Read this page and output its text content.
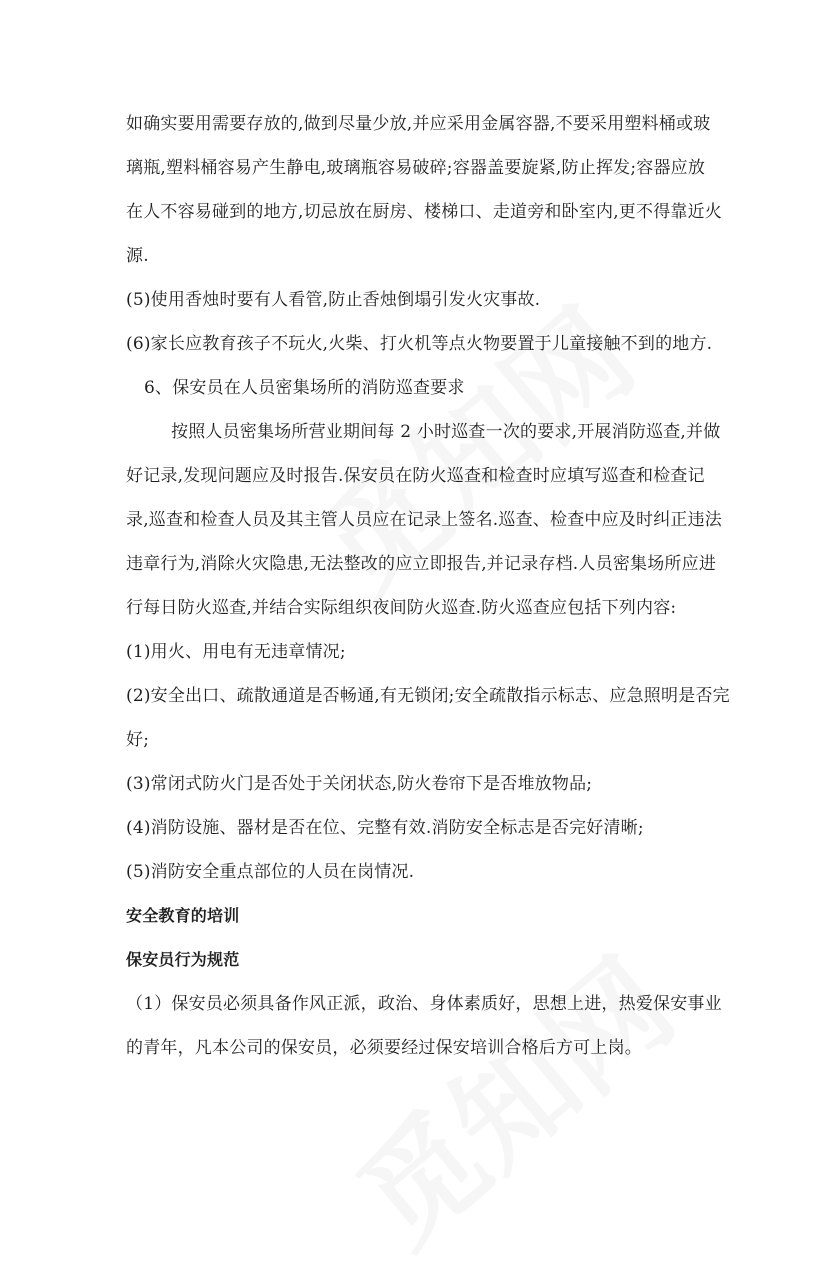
如确实要用需要存放的,做到尽量少放,并应采用金属容器,不要采用塑料桶或玻
璃瓶,塑料桶容易产生静电,玻璃瓶容易破碎;容器盖要旋紧,防止挥发;容器应放
在人不容易碰到的地方,切忌放在厨房、楼梯口、走道旁和卧室内,更不得靠近火
源.
(5)使用香烛时要有人看管,防止香烛倒塌引发火灾事故.
(6)家长应教育孩子不玩火,火柴、打火机等点火物要置于儿童接触不到的地方.
6、保安员在人员密集场所的消防巡查要求
按照人员密集场所营业期间每 2 小时巡查一次的要求,开展消防巡查,并做
好记录,发现问题应及时报告.保安员在防火巡查和检查时应填写巡查和检查记
录,巡查和检查人员及其主管人员应在记录上签名.巡查、检查中应及时纠正违法
违章行为,消除火灾隐患,无法整改的应立即报告,并记录存档.人员密集场所应进
行每日防火巡查,并结合实际组织夜间防火巡查.防火巡查应包括下列内容:
(1)用火、用电有无违章情况;
(2)安全出口、疏散通道是否畅通,有无锁闭;安全疏散指示标志、应急照明是否完
好;
(3)常闭式防火门是否处于关闭状态,防火卷帘下是否堆放物品;
(4)消防设施、器材是否在位、完整有效.消防安全标志是否完好清晰;
(5)消防安全重点部位的人员在岗情况.
安全教育的培训
保安员行为规范
（1）保安员必须具备作风正派，政治、身体素质好，思想上进，热爱保安事业
的青年，凡本公司的保安员，必须要经过保安培训合格后方可上岗。
